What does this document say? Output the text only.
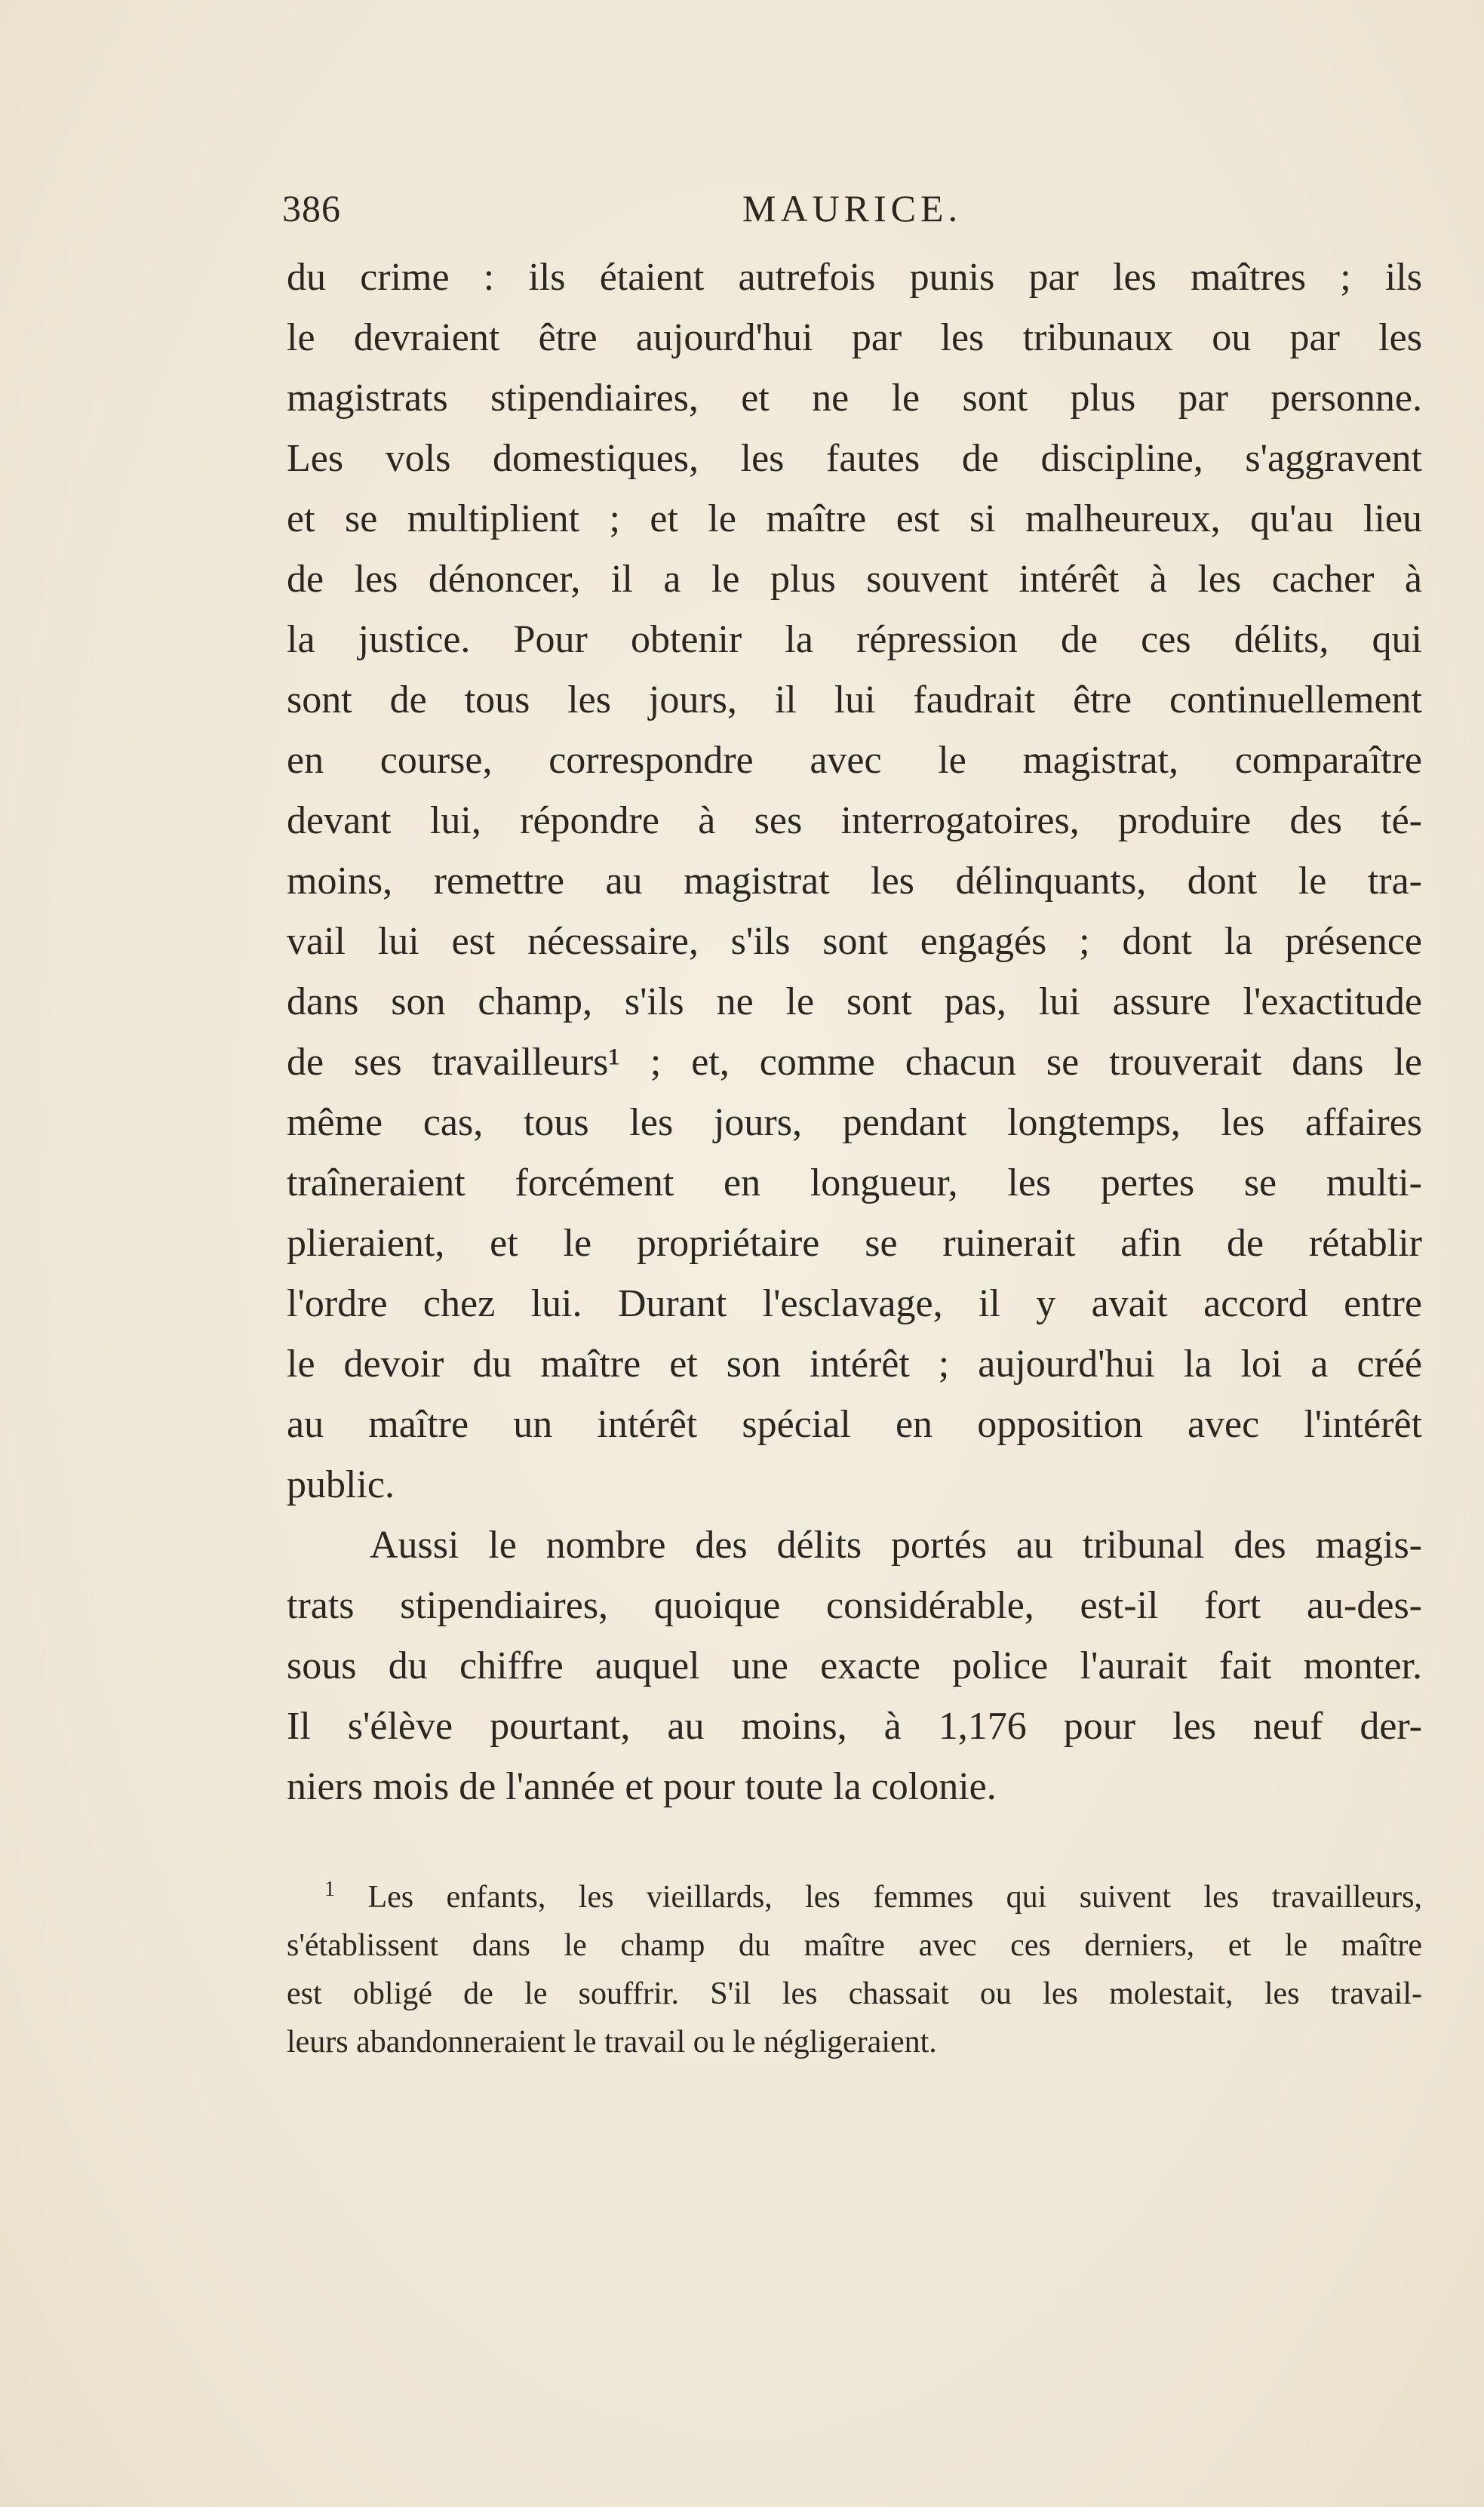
386	MAURICE.
du crime : ils étaient autrefois punis par les maîtres ; ils
le devraient être aujourd'hui par les tribunaux ou par les
magistrats stipendiaires, et ne le sont plus par personne.
Les vols domestiques, les fautes de discipline, s'aggravent
et se multiplient ; et le maître est si malheureux, qu'au lieu
de les dénoncer, il a le plus souvent intérêt à les cacher à
la justice. Pour obtenir la répression de ces délits, qui
sont de tous les jours, il lui faudrait être continuellement
en course, correspondre avec le magistrat, comparaître
devant lui, répondre à ses interrogatoires, produire des té-
moins, remettre au magistrat les délinquants, dont le tra-
vail lui est nécessaire, s'ils sont engagés ; dont la présence
dans son champ, s'ils ne le sont pas, lui assure l'exactitude
de ses travailleurs¹ ; et, comme chacun se trouverait dans le
même cas, tous les jours, pendant longtemps, les affaires
traîneraient forcément en longueur, les pertes se multi-
plieraient, et le propriétaire se ruinerait afin de rétablir
l'ordre chez lui. Durant l'esclavage, il y avait accord entre
le devoir du maître et son intérêt ; aujourd'hui la loi a créé
au maître un intérêt spécial en opposition avec l'intérêt
public.
Aussi le nombre des délits portés au tribunal des magis-
trats stipendiaires, quoique considérable, est-il fort au-des-
sous du chiffre auquel une exacte police l'aurait fait monter.
Il s'élève pourtant, au moins, à 1,176 pour les neuf der-
niers mois de l'année et pour toute la colonie.
$^1$ Les enfants, les vieillards, les femmes qui suivent les travailleurs,
s'établissent dans le champ du maître avec ces derniers, et le maître
est obligé de le souffrir. S'il les chassait ou les molestait, les travail-
leurs abandonneraient le travail ou le négligeraient.
